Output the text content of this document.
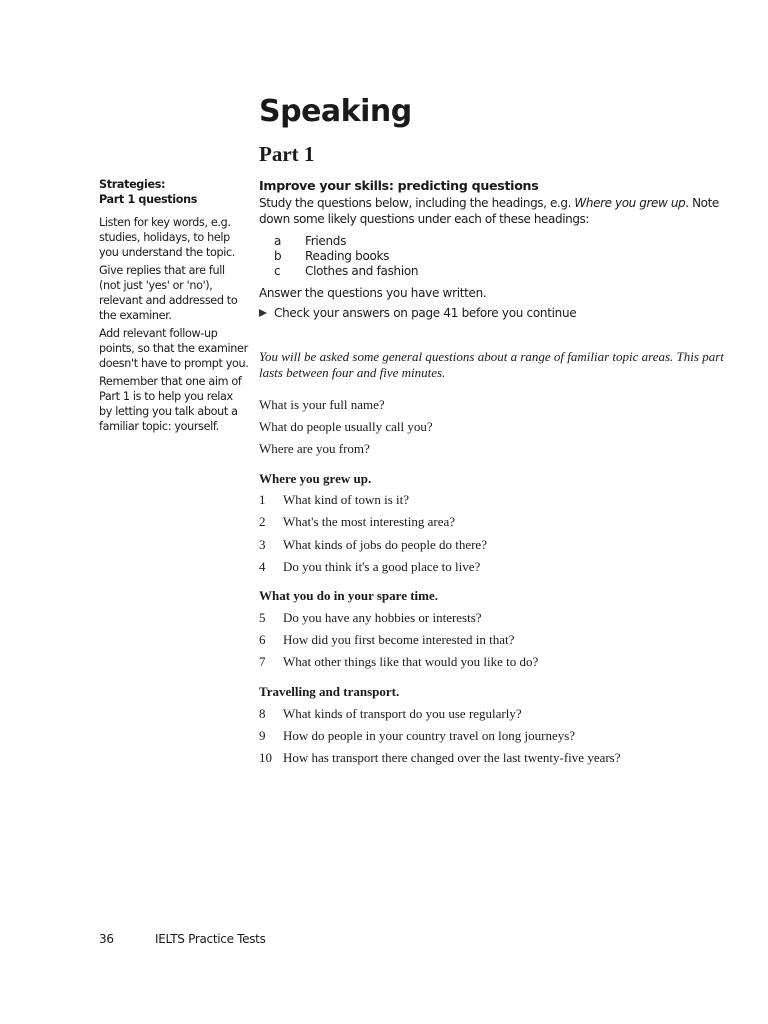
Speaking
Part 1
Strategies:
Part 1 questions

Listen for key words, e.g. studies, holidays, to help you understand the topic.

Give replies that are full (not just 'yes' or 'no'), relevant and addressed to the examiner.

Add relevant follow-up points, so that the examiner doesn't have to prompt you.

Remember that one aim of Part 1 is to help you relax by letting you talk about a familiar topic: yourself.

Improve your skills: predicting questions
Study the questions below, including the headings, e.g. Where you grew up. Note down some likely questions under each of these headings:
a Friends
b Reading books
c Clothes and fashion
Answer the questions you have written.
Check your answers on page 41 before you continue
You will be asked some general questions about a range of familiar topic areas. This part lasts between four and five minutes.
What is your full name?
What do people usually call you?
Where are you from?
Where you grew up.
1 What kind of town is it?
2 What's the most interesting area?
3 What kinds of jobs do people do there?
4 Do you think it's a good place to live?
What you do in your spare time.
5 Do you have any hobbies or interests?
6 How did you first become interested in that?
7 What other things like that would you like to do?
Travelling and transport.
8 What kinds of transport do you use regularly?
9 How do people in your country travel on long journeys?
10 How has transport there changed over the last twenty-five years?
36	IELTS Practice Tests
